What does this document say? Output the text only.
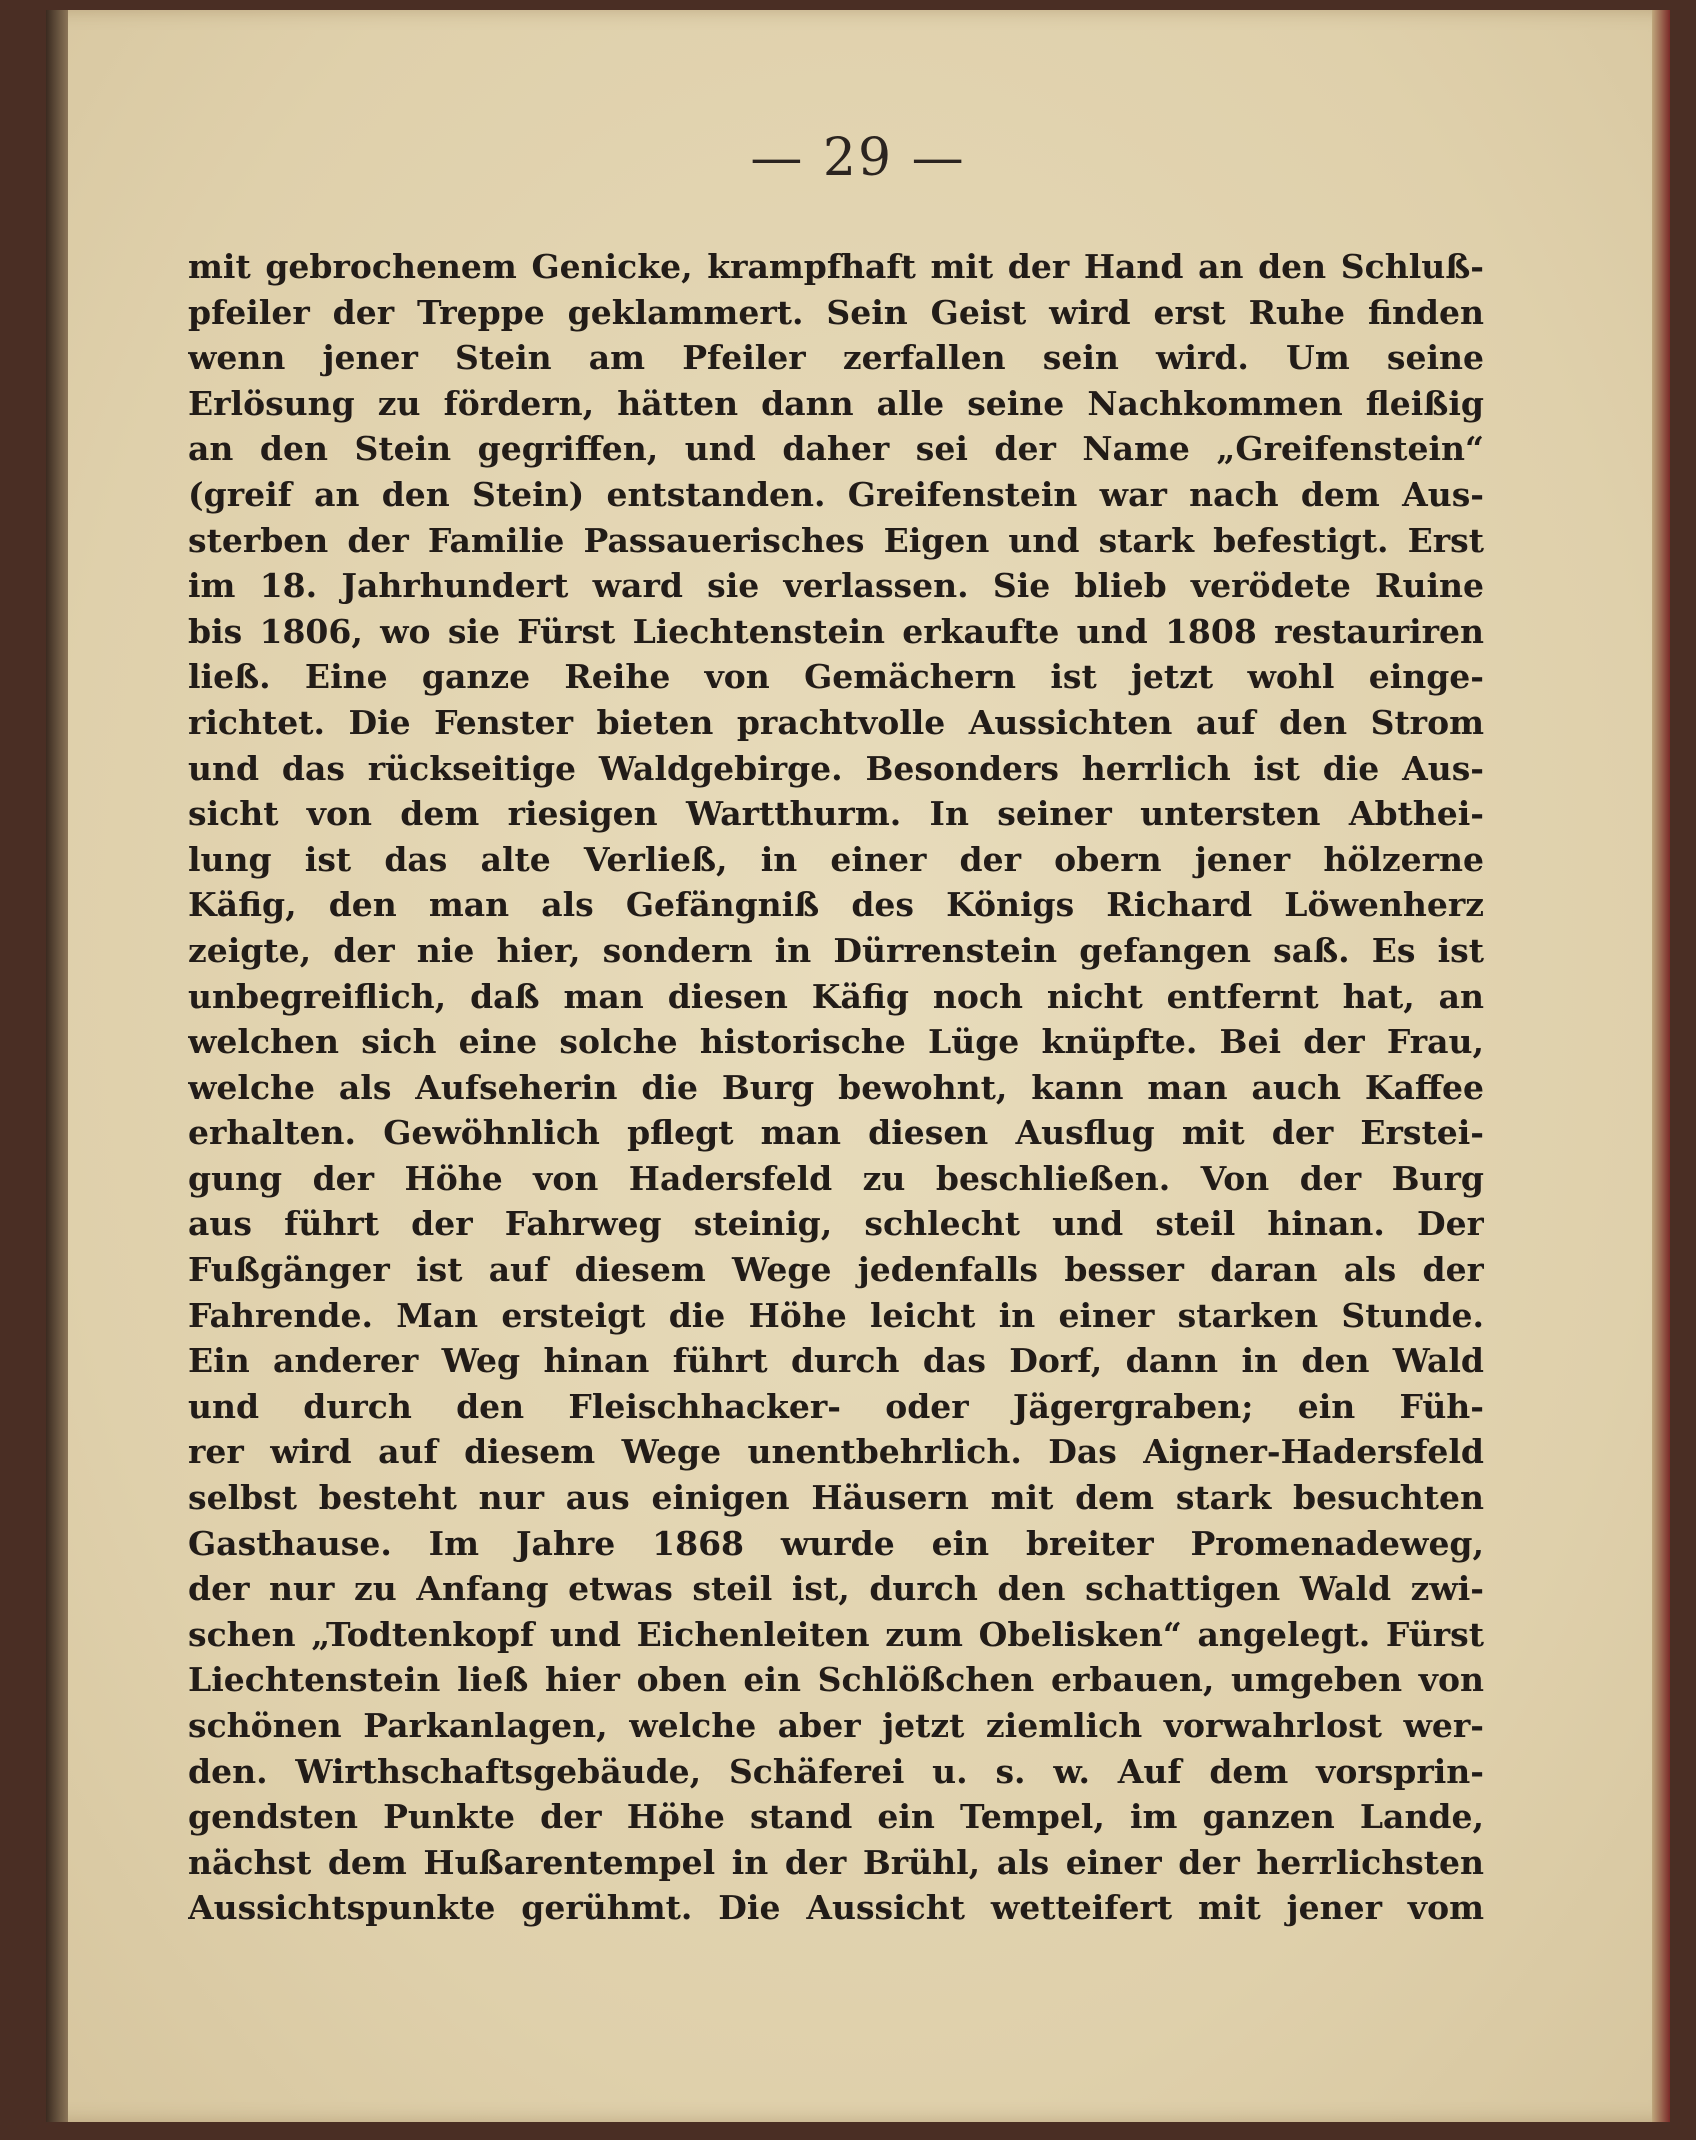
— 29 —
mit gebrochenem Genicke, krampfhaft mit der Hand an den Schluß-
pfeiler der Treppe geklammert. Sein Geist wird erst Ruhe finden
wenn jener Stein am Pfeiler zerfallen sein wird. Um seine
Erlösung zu fördern, hätten dann alle seine Nachkommen fleißig
an den Stein gegriffen, und daher sei der Name „Greifenstein“
(greif an den Stein) entstanden. Greifenstein war nach dem Aus-
sterben der Familie Passauerisches Eigen und stark befestigt. Erst
im 18. Jahrhundert ward sie verlassen. Sie blieb verödete Ruine
bis 1806, wo sie Fürst Liechtenstein erkaufte und 1808 restauriren
ließ. Eine ganze Reihe von Gemächern ist jetzt wohl einge-
richtet. Die Fenster bieten prachtvolle Aussichten auf den Strom
und das rückseitige Waldgebirge. Besonders herrlich ist die Aus-
sicht von dem riesigen Wartthurm. In seiner untersten Abthei-
lung ist das alte Verließ, in einer der obern jener hölzerne
Käfig, den man als Gefängniß des Königs Richard Löwenherz
zeigte, der nie hier, sondern in Dürrenstein gefangen saß. Es ist
unbegreiflich, daß man diesen Käfig noch nicht entfernt hat, an
welchen sich eine solche historische Lüge knüpfte. Bei der Frau,
welche als Aufseherin die Burg bewohnt, kann man auch Kaffee
erhalten. Gewöhnlich pflegt man diesen Ausflug mit der Erstei-
gung der Höhe von Hadersfeld zu beschließen. Von der Burg
aus führt der Fahrweg steinig, schlecht und steil hinan. Der
Fußgänger ist auf diesem Wege jedenfalls besser daran als der
Fahrende. Man ersteigt die Höhe leicht in einer starken Stunde.
Ein anderer Weg hinan führt durch das Dorf, dann in den Wald
und durch den Fleischhacker- oder Jägergraben; ein Füh-
rer wird auf diesem Wege unentbehrlich. Das Aigner-Hadersfeld
selbst besteht nur aus einigen Häusern mit dem stark besuchten
Gasthause. Im Jahre 1868 wurde ein breiter Promenadeweg,
der nur zu Anfang etwas steil ist, durch den schattigen Wald zwi-
schen „Todtenkopf und Eichenleiten zum Obelisken“ angelegt. Fürst
Liechtenstein ließ hier oben ein Schlößchen erbauen, umgeben von
schönen Parkanlagen, welche aber jetzt ziemlich vorwahrlost wer-
den. Wirthschaftsgebäude, Schäferei u. s. w. Auf dem vorsprin-
gendsten Punkte der Höhe stand ein Tempel, im ganzen Lande,
nächst dem Hußarentempel in der Brühl, als einer der herrlichsten
Aussichtspunkte gerühmt. Die Aussicht wetteifert mit jener vom
